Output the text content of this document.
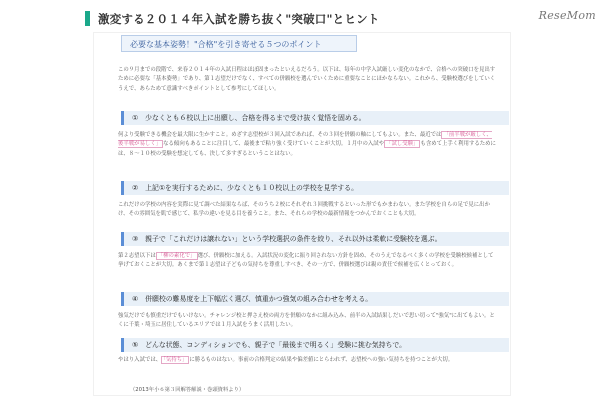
激変する２０１４年入試を勝ち抜く"突破口"とヒント	ReseMom
必要な基本姿勢！"合格"を引き寄せる５つのポイント
この９月までの段階で、来春２０１４年の入試日程はほぼ固まったといえるだろう。以下は、毎年の中学入試厳しい変化のなかで、合格への突破口を見出すために必要な「基本姿勢」であり、第１志望だけでなく、すべての併願校を選んでいくために重要なことにほかならない。これから、受験校選びをしていくうえで、あらためて意識すべきポイントとして参考にしてほしい。
①　少なくとも６校以上に出願し、合格を得るまで受け抜く覚悟を固める。
何より受験できる機会を最大限に生かすこと。めざす志望校が３回入試であれば、その３回を併願の軸にしてもよい。また、最近では 「前半戦が厳しく、後半戦が易しく」 なる傾向もあることに注目して、最後まで粘り強く受けていくことが大切。１月中の入試や 「試し受験」 も含めて上手く利用するためには、８～１０校の受験を想定しても、決して多すぎるということはない。
②　上記①を実行するために、少なくとも１０校以上の学校を見学する。
これだけの学校の内容を実際に見て調べた結果ならば、そのうち２校にそれぞれ３回挑戦するといった形でもかまわない。また学校を自らの足で見に出かけ、その雰囲気を肌で感じて、私学の違いを見る目を養うこと。また、それらの学校の最新情報をつかんでおくことも大切。
③　親子で「これだけは譲れない」という学校選択の条件を絞り、それ以外は柔軟に受験校を選ぶ。
第２志望以下は 「柳の素化で」 選び、併願校に加える。入試状況の変化に振り回されない方針を固め、そのうえでなるべく多くの学校を受験校候補として挙げておくことが大切。あくまで第１志望は子どもの気持ちを尊重しすべき、その一方で、併願校選びは親の責任で候補を広くとっておく。
④　併願校の難易度を上下幅広く選び、慎重かつ強気の組み合わせを考える。
強気だけでも慎重だけでもいけない。チャレンジ校と押さえ校の両方を併願のなかに組み込み、前半の入試結果しだいで思い切って"強気"に出てもよい。とくに千葉・埼玉に居住しているエリアでは１月入試をうまく活用したい。
⑤　どんな状態、コンディションでも、親子で「最後まで明るく」受験に挑む気持ちで。
やはり入試では、 「気持ち」 に勝るものはない。事前の合格判定の結果や偏差値にとらわれず、志望校への強い気持ちを持つことが大切。
（2013年小６第３回解答解説・巻頭資料より）
